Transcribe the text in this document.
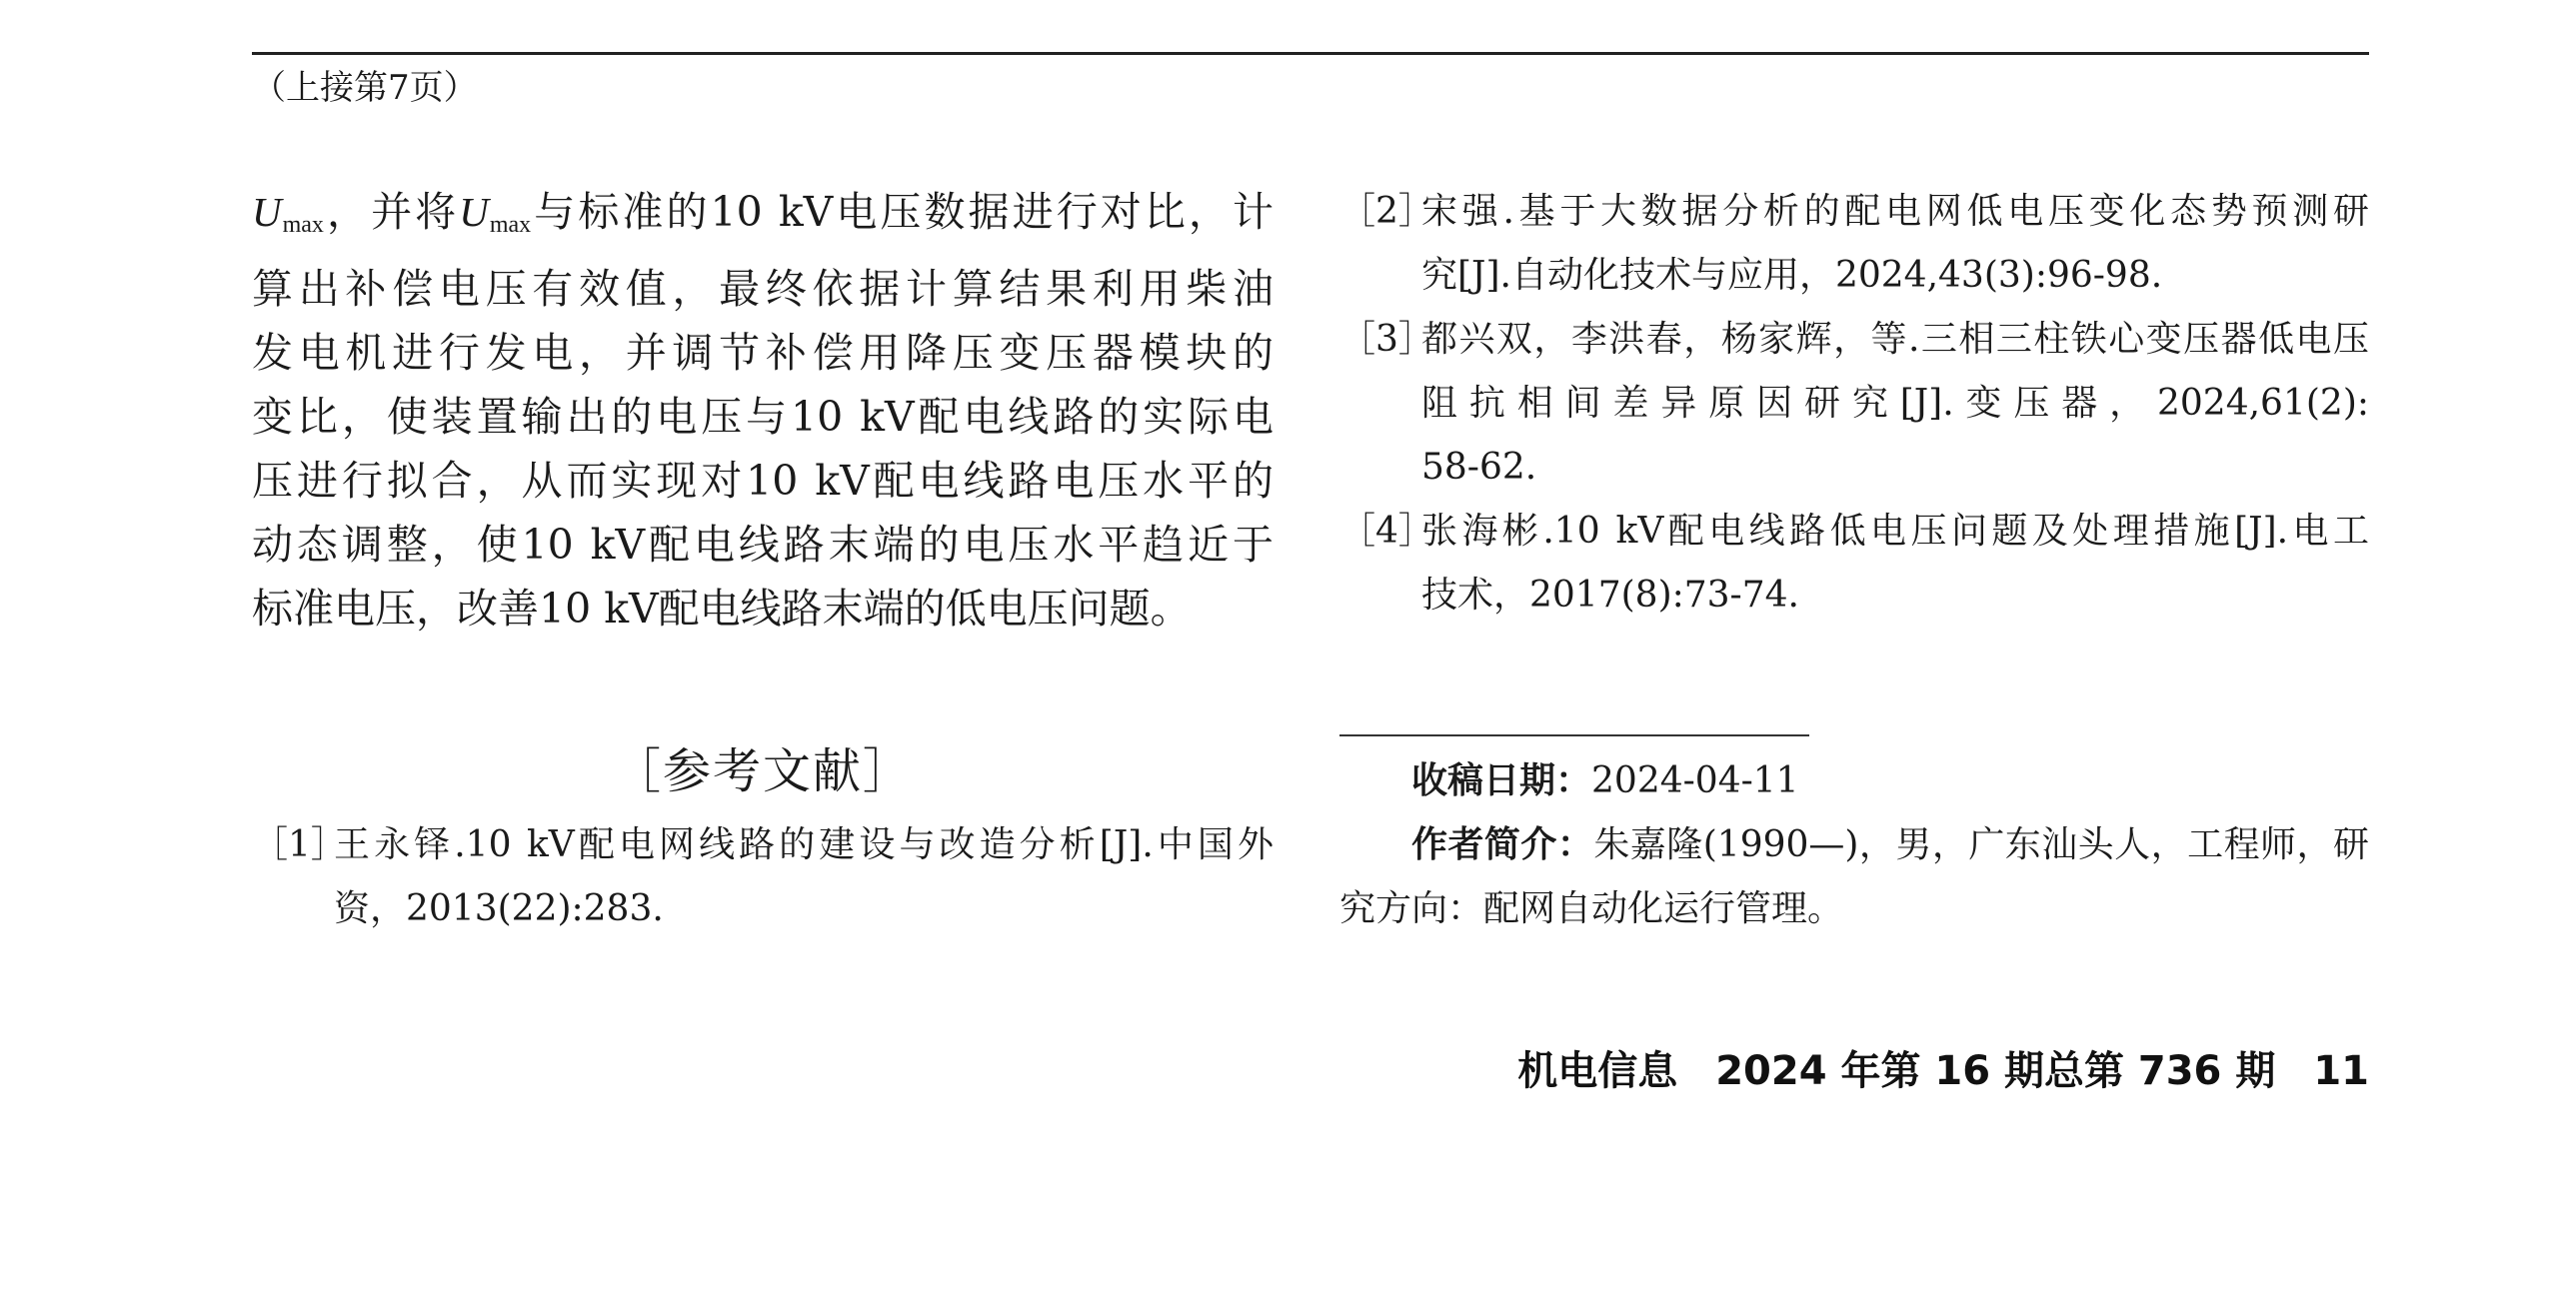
（上接第7页）
$U_{max}$，并将$U_{max}$与标准的10 kV电压数据进行对比，计
算出补偿电压有效值，最终依据计算结果利用柴油
发电机进行发电，并调节补偿用降压变压器模块的
变比，使装置输出的电压与10 kV配电线路的实际电
压进行拟合，从而实现对10 kV配电线路电压水平的
动态调整，使10 kV配电线路末端的电压水平趋近于
标准电压，改善10 kV配电线路末端的低电压问题。
［参考文献］
［1］
王永铎.10 kV配电网线路的建设与改造分析[J].中国外
资，2013(22):283.
［2］
宋强.基于大数据分析的配电网低电压变化态势预测研
究[J].自动化技术与应用，2024,43(3):96-98.
［3］
都兴双，李洪春，杨家辉，等.三相三柱铁心变压器低电压
阻抗相间差异原因研究[J].变压器，2024,61(2):
58-62.
［4］
张海彬.10 kV配电线路低电压问题及处理措施[J].电工
技术，2017(8):73-74.
收稿日期：2024-04-11
作者简介：朱嘉隆(1990—)，男，广东汕头人，工程师，研
究方向：配网自动化运行管理。
机电信息 2024 年第 16 期总第 736 期 11
